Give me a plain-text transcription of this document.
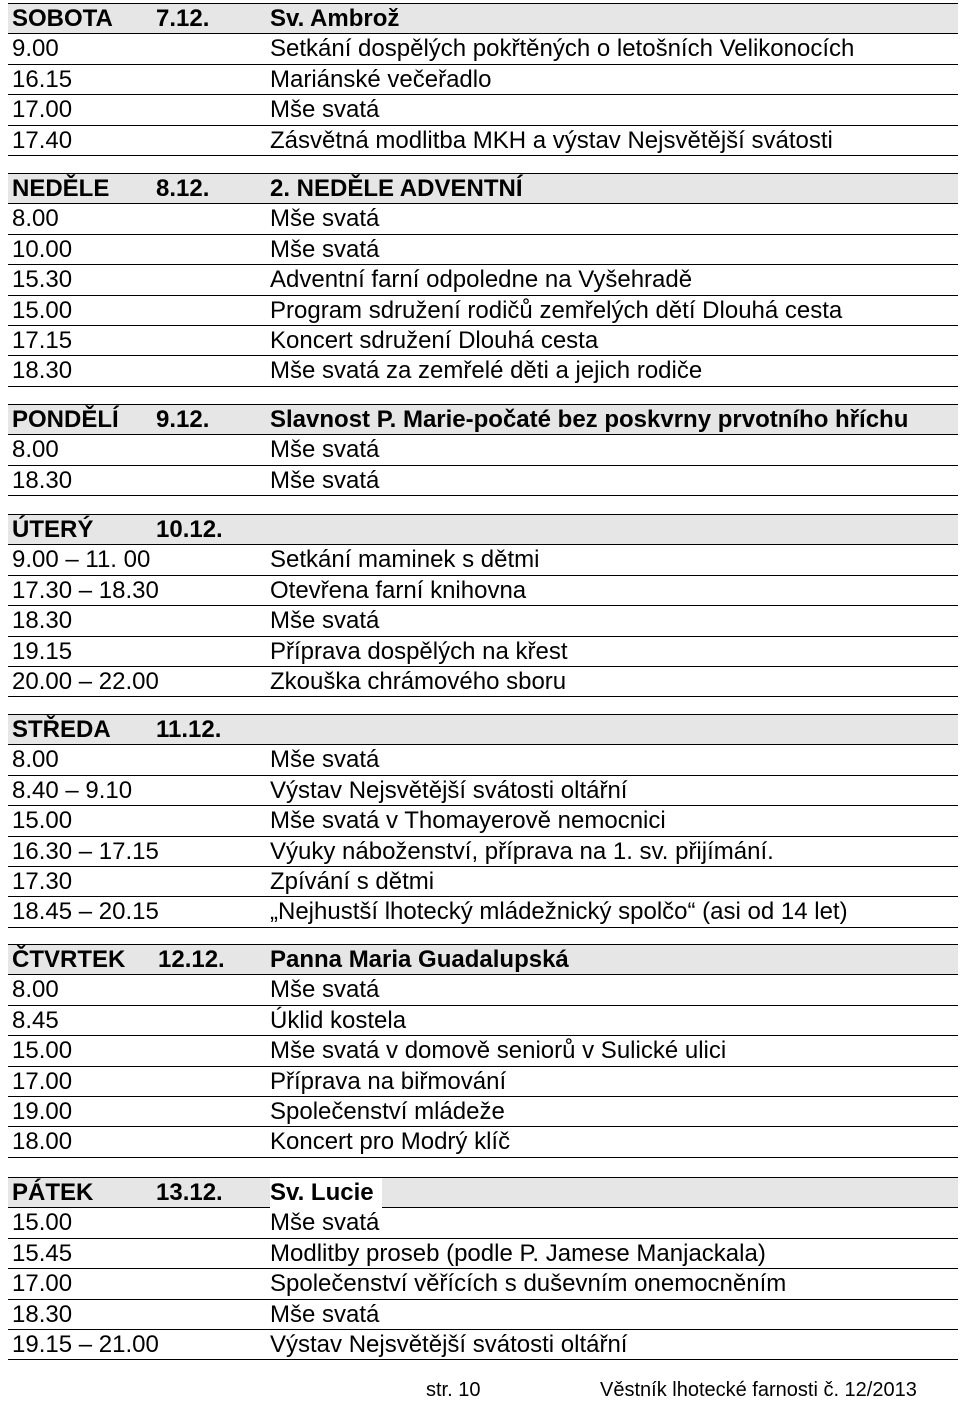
SOBOTA 7.12.	Sv. Ambrož
9.00	Setkání dospělých pokřtěných o letošních Velikonocích
16.15	Mariánské večeřadlo
17.00	Mše svatá
17.40	Zásvětná modlitba MKH a výstav Nejsvětější svátosti
NEDĚLE 8.12.	2. NEDĚLE ADVENTNÍ
8.00	Mše svatá
10.00	Mše svatá
15.30	Adventní farní odpoledne na Vyšehradě
15.00	Program sdružení rodičů zemřelých dětí Dlouhá cesta
17.15	Koncert sdružení Dlouhá cesta
18.30	Mše svatá za zemřelé děti a jejich rodiče
PONDĚLÍ 9.12.	Slavnost P. Marie-počaté bez poskvrny prvotního hříchu
8.00	Mše svatá
18.30	Mše svatá
ÚTERÝ	10.12.
9.00 – 11. 00	Setkání maminek s dětmi
17.30 – 18.30	Otevřena farní knihovna
18.30	Mše svatá
19.15	Příprava dospělých na křest
20.00 – 22.00	Zkouška chrámového sboru
STŘEDA 11.12.
8.00	Mše svatá
8.40 – 9.10	Výstav Nejsvětější svátosti oltářní
15.00	Mše svatá v Thomayerově nemocnici
16.30 – 17.15	Výuky náboženství, příprava na 1. sv. přijímání.
17.30	Zpívání s dětmi
18.45 – 20.15	„Nejhustší lhotecký mládežnický spolčo“ (asi od 14 let)
ČTVRTEK 12.12. Panna Maria Guadalupská
8.00	Mše svatá
8.45	Úklid kostela
15.00	Mše svatá v domově seniorů v Sulické ulici
17.00	Příprava na biřmování
19.00	Společenství mládeže
18.00	Koncert pro Modrý klíč
PÁTEK	13.12. Sv. Lucie
15.00	Mše svatá
15.45	Modlitby proseb (podle P. Jamese Manjackala)
17.00	Společenství věřících s duševním onemocněním
18.30	Mše svatá
19.15 – 21.00	Výstav Nejsvětější svátosti oltářní
str. 10	Věstník lhotecké farnosti č. 12/2013
